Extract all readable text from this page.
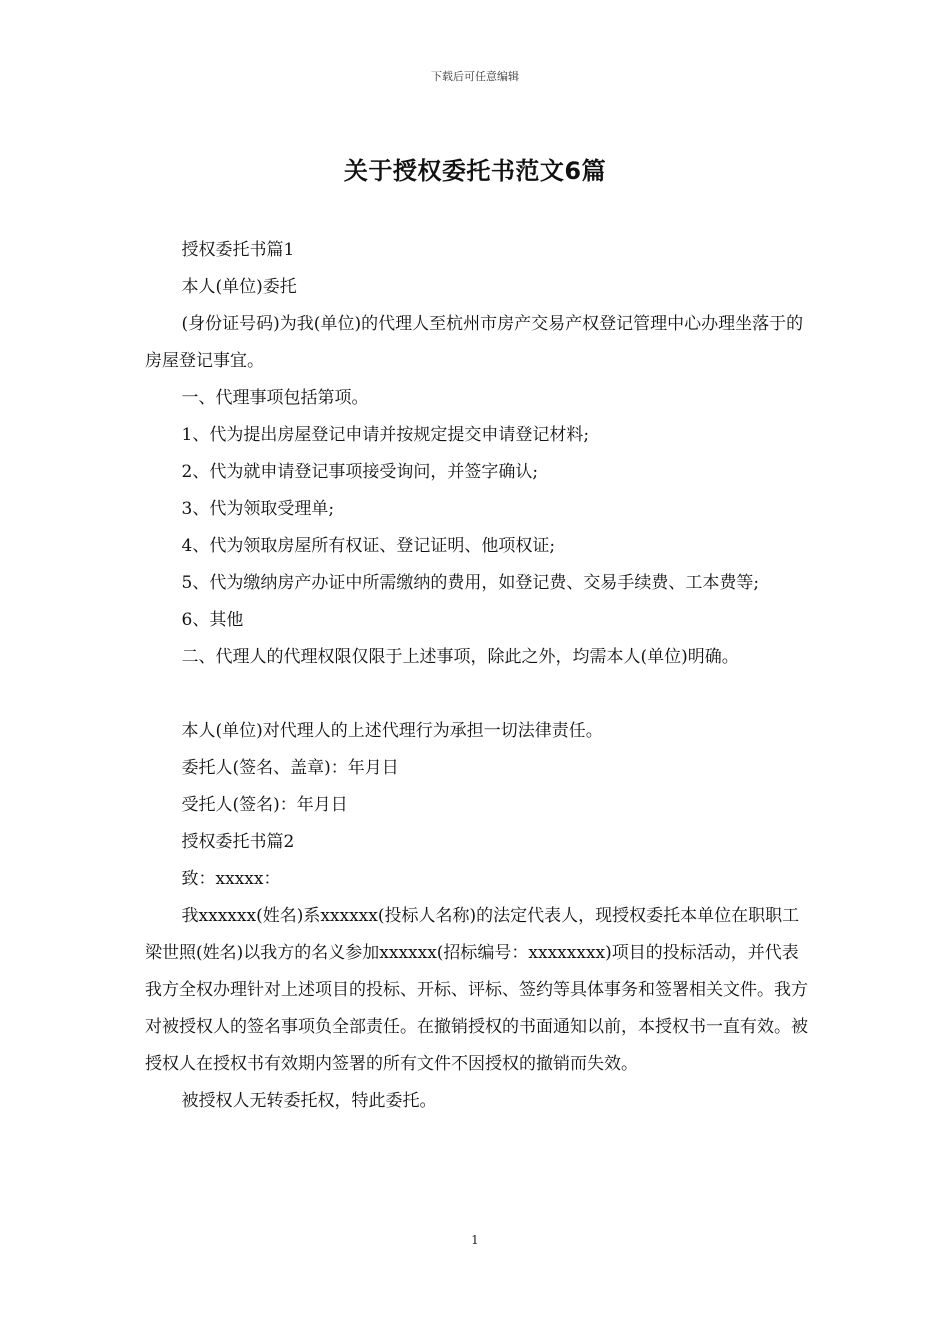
下载后可任意编辑
关于授权委托书范文6篇

授权委托书篇1

本人(单位)委托

(身份证号码)为我(单位)的代理人至杭州市房产交易产权登记管理中心办理坐落于的房屋登记事宜。

一、代理事项包括第项。

1、代为提出房屋登记申请并按规定提交申请登记材料;

2、代为就申请登记事项接受询问，并签字确认;

3、代为领取受理单;

4、代为领取房屋所有权证、登记证明、他项权证;

5、代为缴纳房产办证中所需缴纳的费用，如登记费、交易手续费、工本费等;

6、其他

二、代理人的代理权限仅限于上述事项，除此之外，均需本人(单位)明确。

本人(单位)对代理人的上述代理行为承担一切法律责任。

委托人(签名、盖章)：年月日

受托人(签名)：年月日

授权委托书篇2

致：xxxxx：

我xxxxxx(姓名)系xxxxxx(投标人名称)的法定代表人，现授权委托本单位在职职工梁世照(姓名)以我方的名义参加xxxxxx(招标编号：xxxxxxxx)项目的投标活动，并代表我方全权办理针对上述项目的投标、开标、评标、签约等具体事务和签署相关文件。我方对被授权人的签名事项负全部责任。在撤销授权的书面通知以前，本授权书一直有效。被授权人在授权书有效期内签署的所有文件不因授权的撤销而失效。

被授权人无转委托权，特此委托。

1
